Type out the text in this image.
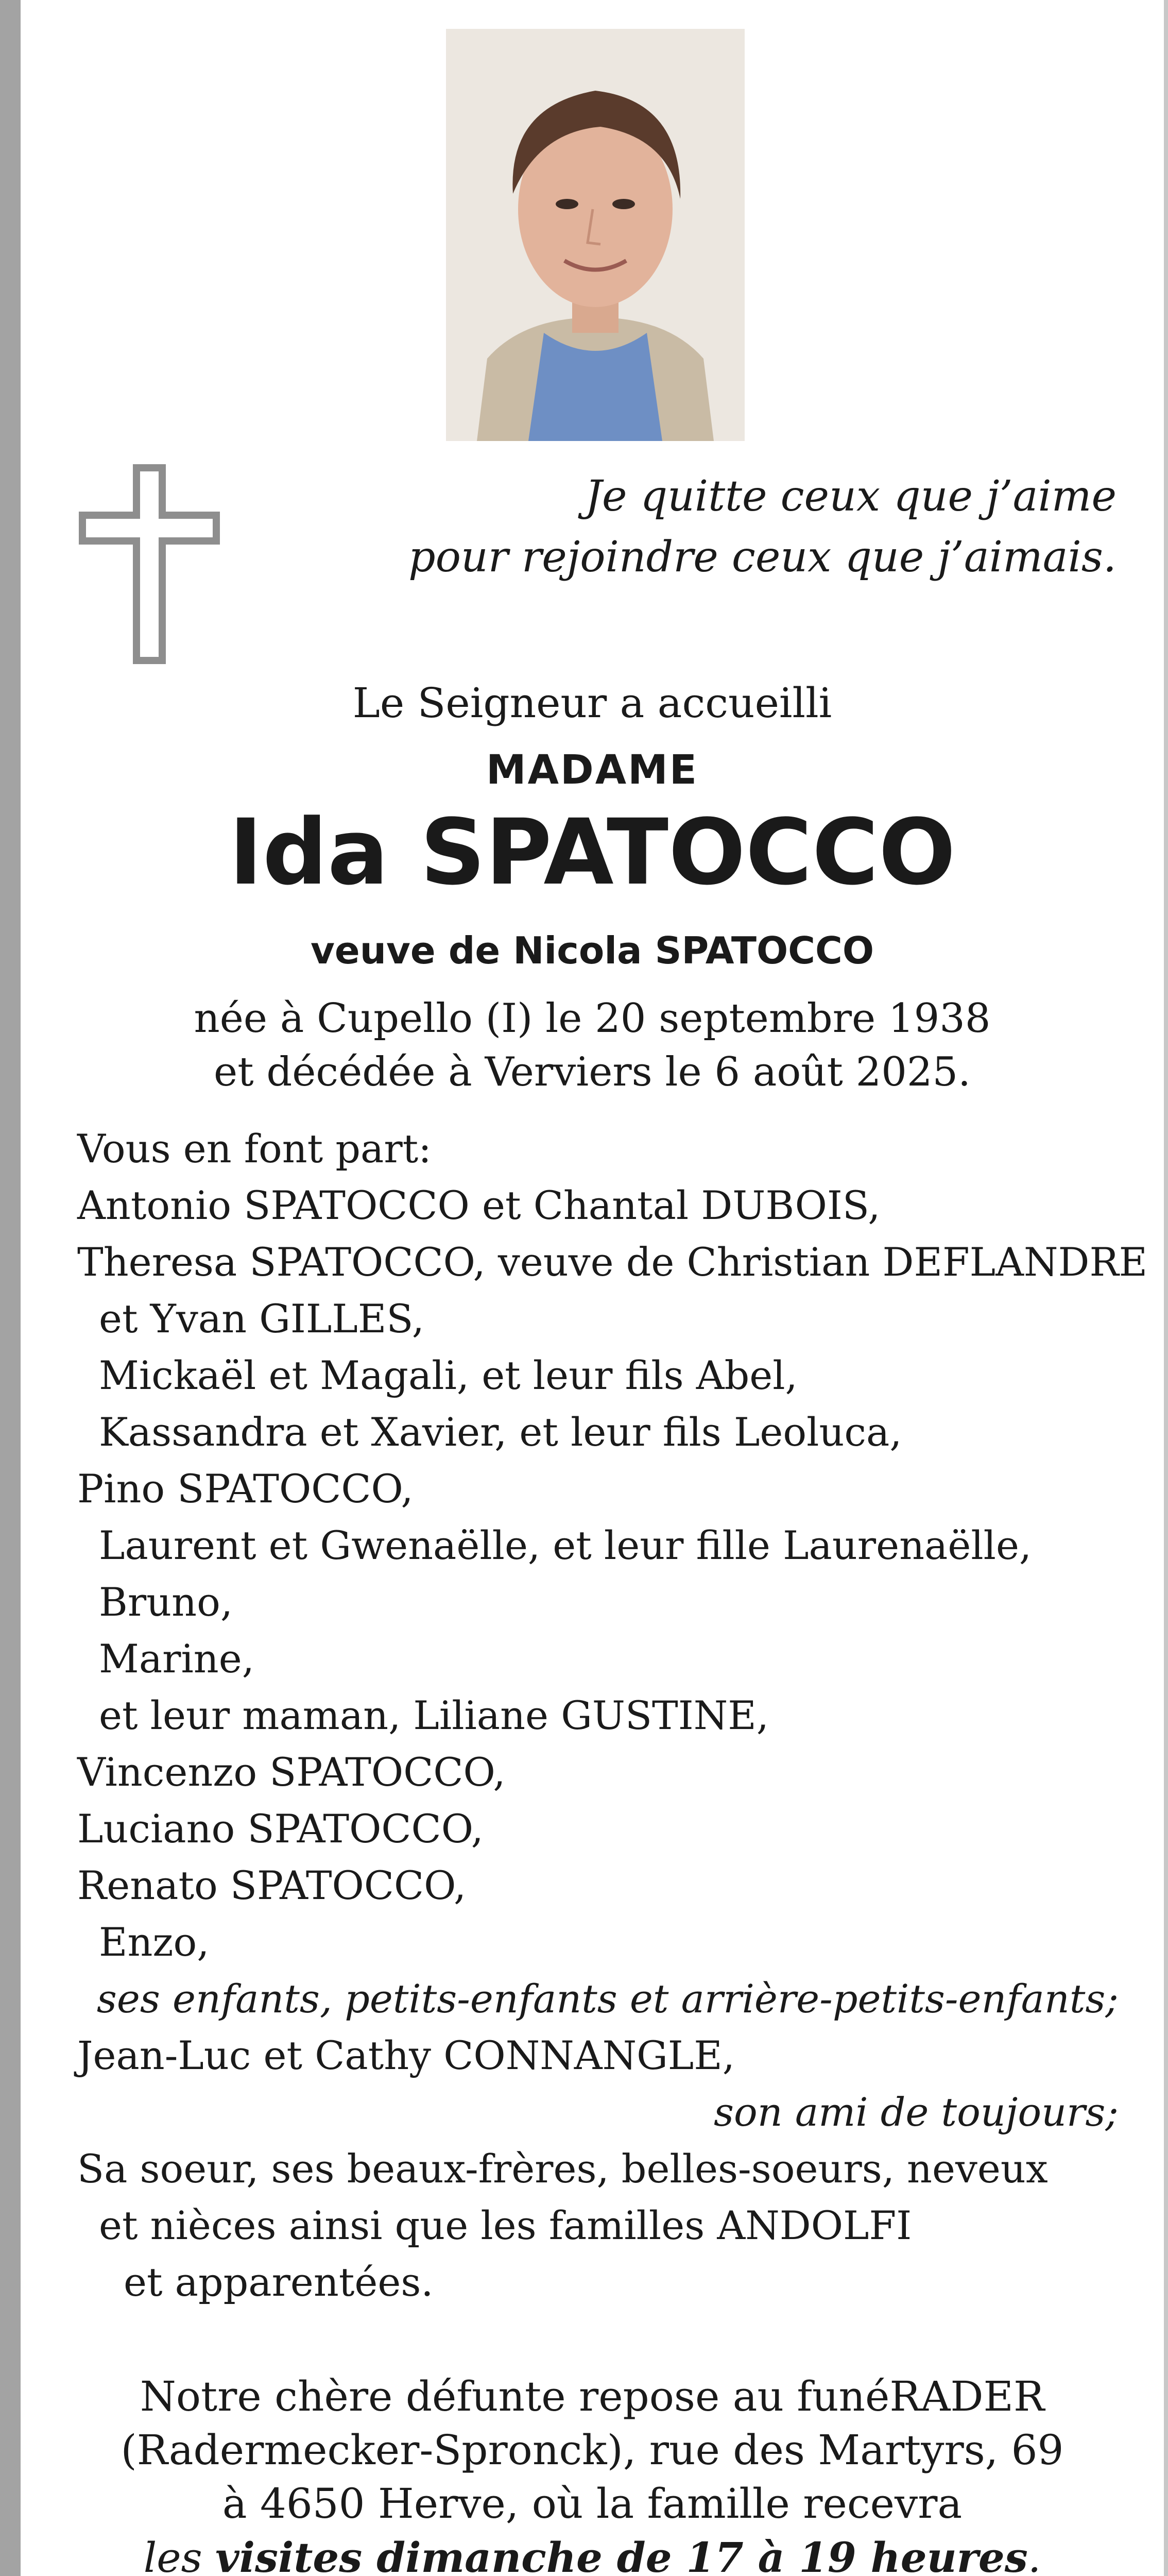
Je quitte ceux que j’aime
pour rejoindre ceux que j’aimais.
Le Seigneur a accueilli
MADAME
Ida SPATOCCO
veuve de Nicola SPATOCCO
née à Cupello (I) le 20 septembre 1938
et décédée à Verviers le 6 août 2025.
Vous en font part:
Antonio SPATOCCO et Chantal DUBOIS,
Theresa SPATOCCO, veuve de Christian DEFLANDRE
et Yvan GILLES,
Mickaël et Magali, et leur fils Abel,
Kassandra et Xavier, et leur fils Leoluca,
Pino SPATOCCO,
Laurent et Gwenaëlle, et leur fille Laurenaëlle,
Bruno,
Marine,
et leur maman, Liliane GUSTINE,
Vincenzo SPATOCCO,
Luciano SPATOCCO,
Renato SPATOCCO,
Enzo,
ses enfants, petits-enfants et arrière-petits-enfants;
Jean-Luc et Cathy CONNANGLE,
son ami de toujours;
Sa soeur, ses beaux-frères, belles-soeurs, neveux
et nièces ainsi que les familles ANDOLFI
et apparentées.
Notre chère défunte repose au funéRADER
(Radermecker-Spronck), rue des Martyrs, 69
à 4650 Herve, où la famille recevra
les visites dimanche de 17 à 19 heures.
